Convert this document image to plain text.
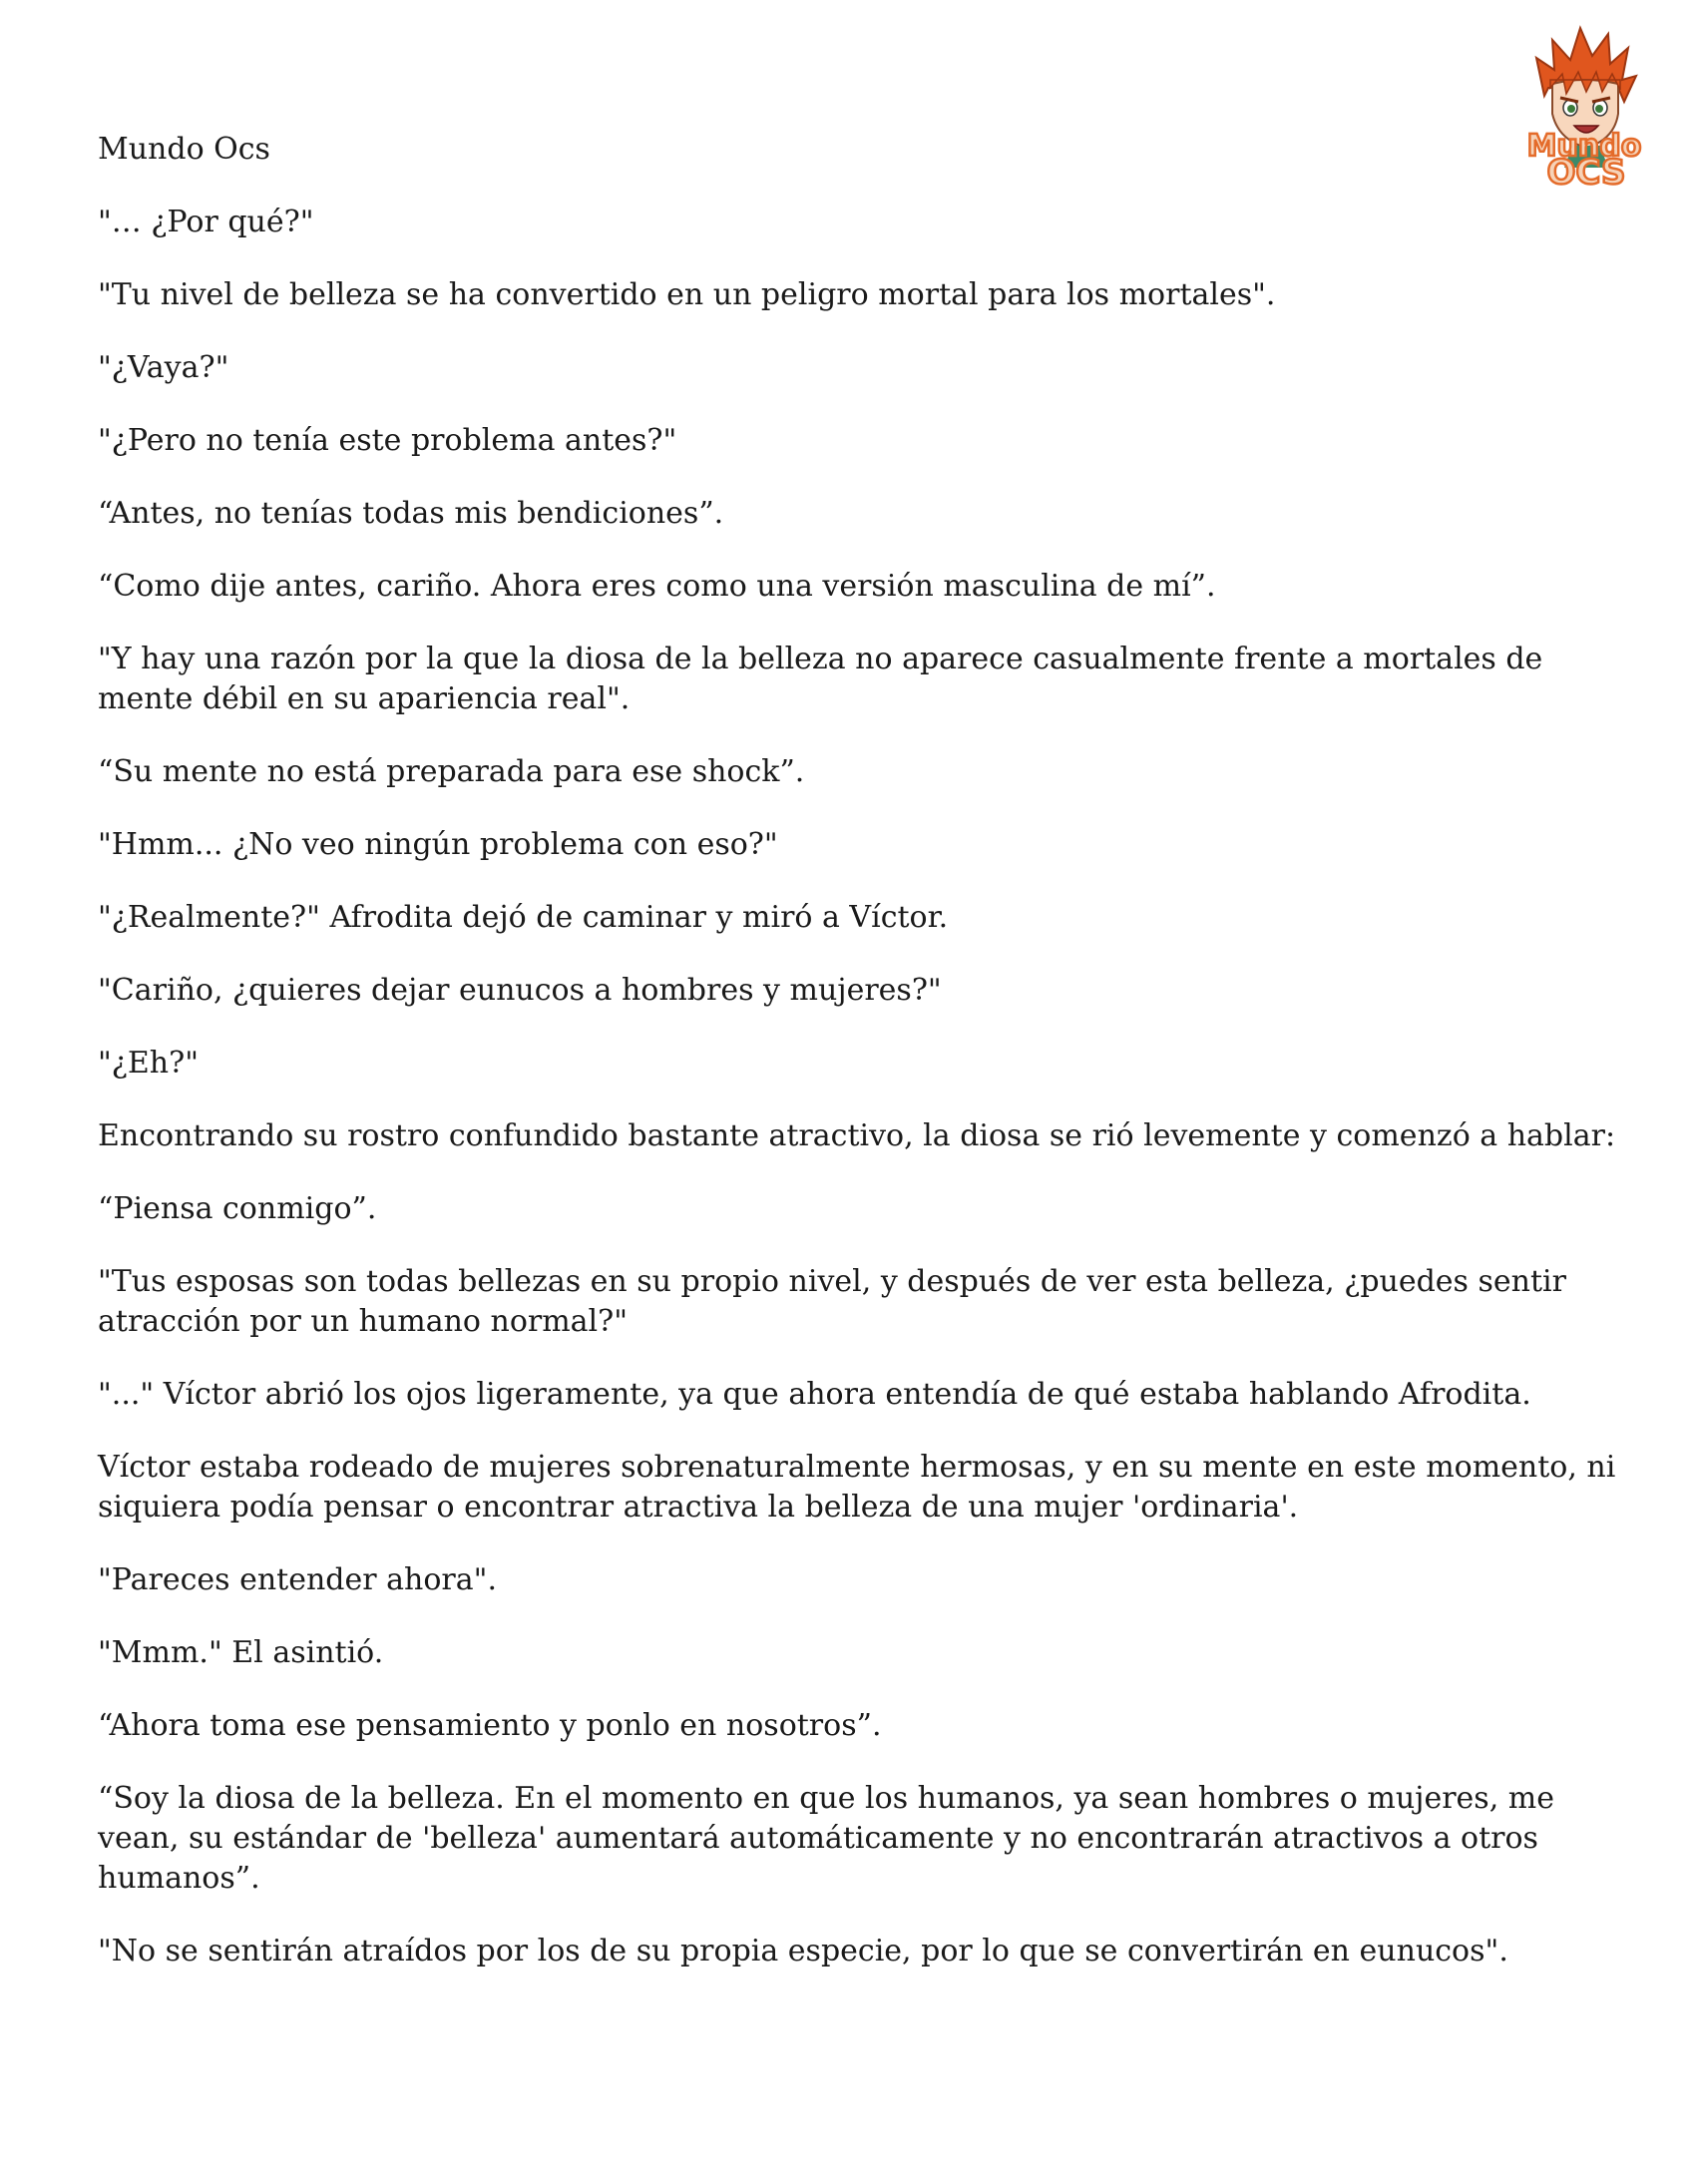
Mundo
OCS

Mundo Ocs

"… ¿Por qué?"

"Tu nivel de belleza se ha convertido en un peligro mortal para los mortales".

"¿Vaya?"

"¿Pero no tenía este problema antes?"

“Antes, no tenías todas mis bendiciones”.

“Como dije antes, cariño. Ahora eres como una versión masculina de mí”.

"Y hay una razón por la que la diosa de la belleza no aparece casualmente frente a mortales de mente débil en su apariencia real".

“Su mente no está preparada para ese shock”.

"Hmm... ¿No veo ningún problema con eso?"

"¿Realmente?" Afrodita dejó de caminar y miró a Víctor.

"Cariño, ¿quieres dejar eunucos a hombres y mujeres?"

"¿Eh?"

Encontrando su rostro confundido bastante atractivo, la diosa se rió levemente y comenzó a hablar:

“Piensa conmigo”.

"Tus esposas son todas bellezas en su propio nivel, y después de ver esta belleza, ¿puedes sentir atracción por un humano normal?"

"..." Víctor abrió los ojos ligeramente, ya que ahora entendía de qué estaba hablando Afrodita.

Víctor estaba rodeado de mujeres sobrenaturalmente hermosas, y en su mente en este momento, ni siquiera podía pensar o encontrar atractiva la belleza de una mujer 'ordinaria'.

"Pareces entender ahora".

"Mmm." El asintió.

“Ahora toma ese pensamiento y ponlo en nosotros”.

“Soy la diosa de la belleza. En el momento en que los humanos, ya sean hombres o mujeres, me vean, su estándar de 'belleza' aumentará automáticamente y no encontrarán atractivos a otros humanos”.

"No se sentirán atraídos por los de su propia especie, por lo que se convertirán en eunucos".
